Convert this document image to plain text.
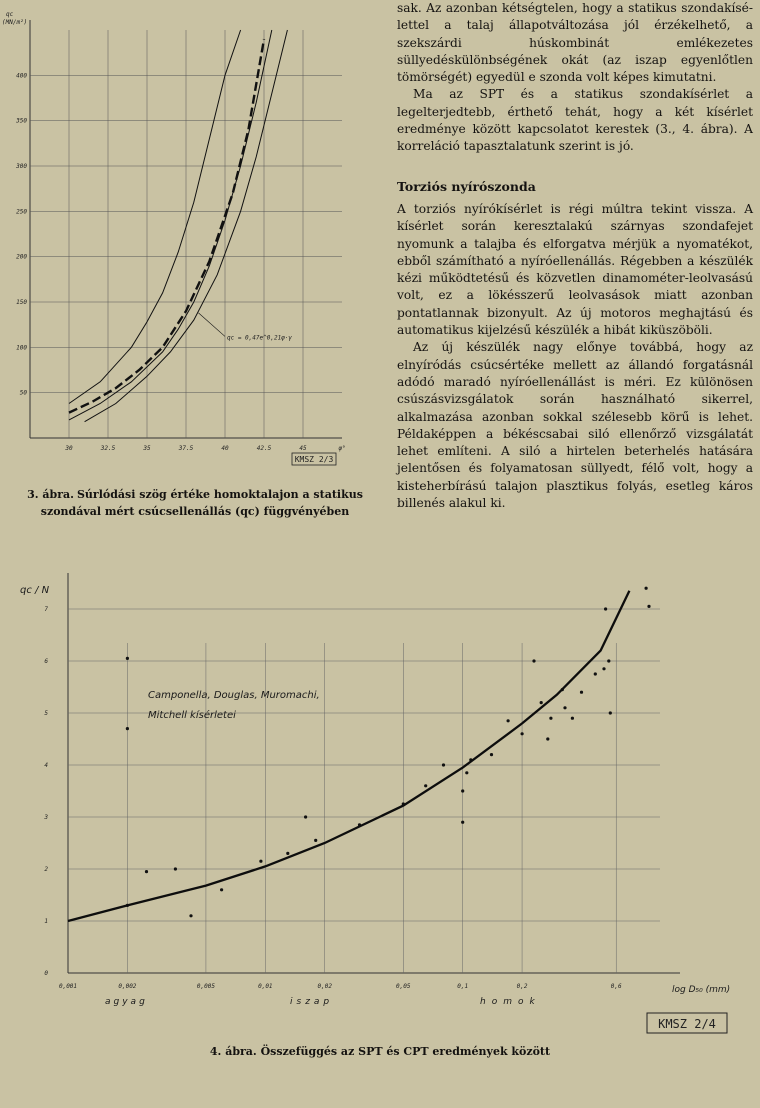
400
350
300
250
200
150
100
50
30	32.5	35	37.5	40	42.5	45	φ°
qc
(MN/m²)
qc = 0,47e^0,21φ·γ
KMSZ 2/3
3. ábra. Súrlódási szög értéke homoktalajon a statikus szondával mért csúcsellenállás (qc) függvényében

sak. Az azonban kétségtelen, hogy a statikus szondakísé- lettel a talaj állapotváltozása jól érzékelhető, a szekszárdi húskombinát emlékezetes süllyedéskülönbségének okát (az iszap egyenlőtlen tömörségét) egyedül e szonda volt képes kimutatni.

Ma az SPT és a statikus szondakísérlet a legelterjedtebb, érthető tehát, hogy a két kísérlet eredménye között kapcsolatot kerestek (3., 4. ábra). A korreláció tapasztalatunk szerint is jó.

Torziós nyírószonda

A torziós nyírókísérlet is régi múltra tekint vissza. A kísérlet során keresztalakú szárnyas szondafejet nyomunk a talajba és elforgatva mérjük a nyomatékot, ebből számítható a nyíróellenállás. Régebben a készülék kézi működtetésű és közvetlen dinamométer-leolvasású volt, ez a lökésszerű leolvasások miatt azonban pontatlannak bizonyult. Az új motoros meghajtású és automatikus kijelzésű készülék a hibát kiküszöböli.

Az új készülék nagy előnye továbbá, hogy az elnyíródás csúcsértéke mellett az állandó forgatásnál adódó maradó nyíróellenállást is méri. Ez különösen csúszásvizsgálatok során használható sikerrel, alkalmazása azonban sokkal szélesebb körű is lehet. Példaképpen a békéscsabai siló ellenőrző vizsgálatát lehet említeni. A siló a hirtelen beterhelés hatására jelentősen és folyamatosan süllyedt, félő volt, hogy a kisteherbírású talajon plasztikus folyás, esetleg káros billenés alakul ki.

1
2
3
4
5
6
7
0
0,001	0,002	0,005	0,01	0,02	0,05	0,1	0,2	0,6
qc / N
log D₅₀ (mm)
agyag	iszap	homok
Camponella, Douglas, Muromachi,
Mitchell kísérletei
KMSZ 2/4
4. ábra. Összefüggés az SPT és CPT eredmények között
